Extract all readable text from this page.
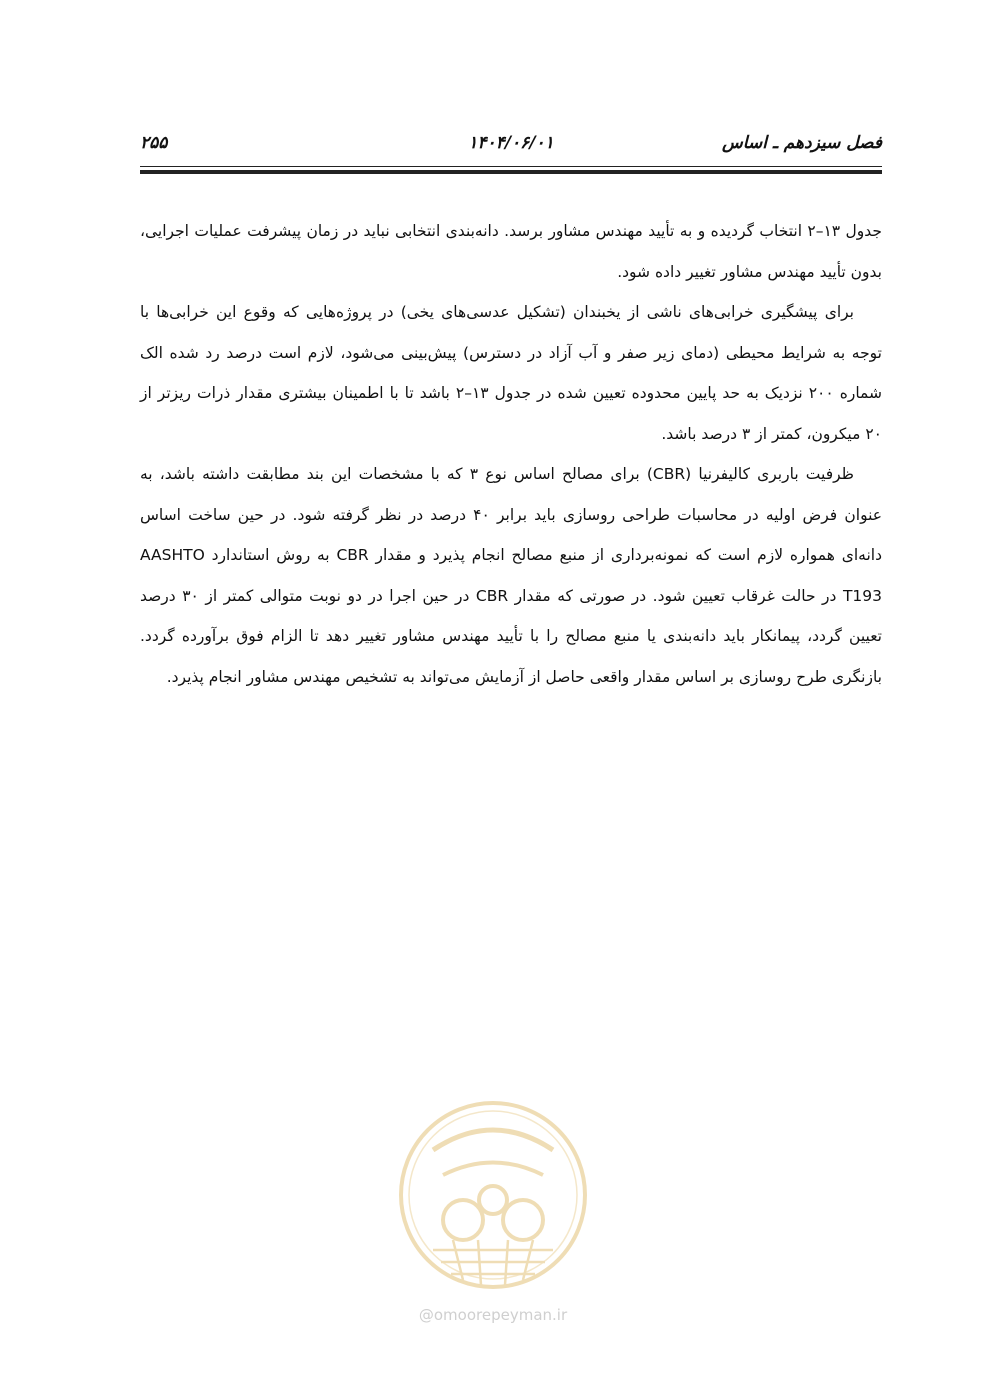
فصل سیزدهم ـ اساس
۱۴۰۴/۰۶/۰۱
۲۵۵

جدول ۱۳–۲ انتخاب گردیده و به تأیید مهندس مشاور برسد. دانه‌بندی انتخابی نباید در زمان پیشرفت عملیات اجرایی، بدون تأیید مهندس مشاور تغییر داده شود.

برای پیشگیری خرابی‌های ناشی از یخبندان (تشکیل عدسی‌های یخی) در پروژه‌هایی که وقوع این خرابی‌ها با توجه به شرایط محیطی (دمای زیر صفر و آب آزاد در دسترس) پیش‌بینی می‌شود، لازم است درصد رد شده الک شماره ۲۰۰ نزدیک به حد پایین محدوده تعیین شده در جدول ۱۳–۲ باشد تا با اطمینان بیشتری مقدار ذرات ریزتر از ۲۰ میکرون، کمتر از ۳ درصد باشد.

ظرفیت باربری کالیفرنیا (CBR) برای مصالح اساس نوع ۳ که با مشخصات این بند مطابقت داشته باشد، به عنوان فرض اولیه در محاسبات طراحی روسازی باید برابر ۴۰ درصد در نظر گرفته شود. در حین ساخت اساس دانه‌ای همواره لازم است که نمونه‌برداری از منبع مصالح انجام پذیرد و مقدار CBR به روش استاندارد AASHTO T193 در حالت غرقاب تعیین شود. در صورتی که مقدار CBR در حین اجرا در دو نوبت متوالی کمتر از ۳۰ درصد تعیین گردد، پیمانکار باید دانه‌بندی یا منبع مصالح را با تأیید مهندس مشاور تغییر دهد تا الزام فوق برآورده گردد. بازنگری طرح روسازی بر اساس مقدار واقعی حاصل از آزمایش می‌تواند به تشخیص مهندس مشاور انجام پذیرد.

@omoorepeyman.ir
